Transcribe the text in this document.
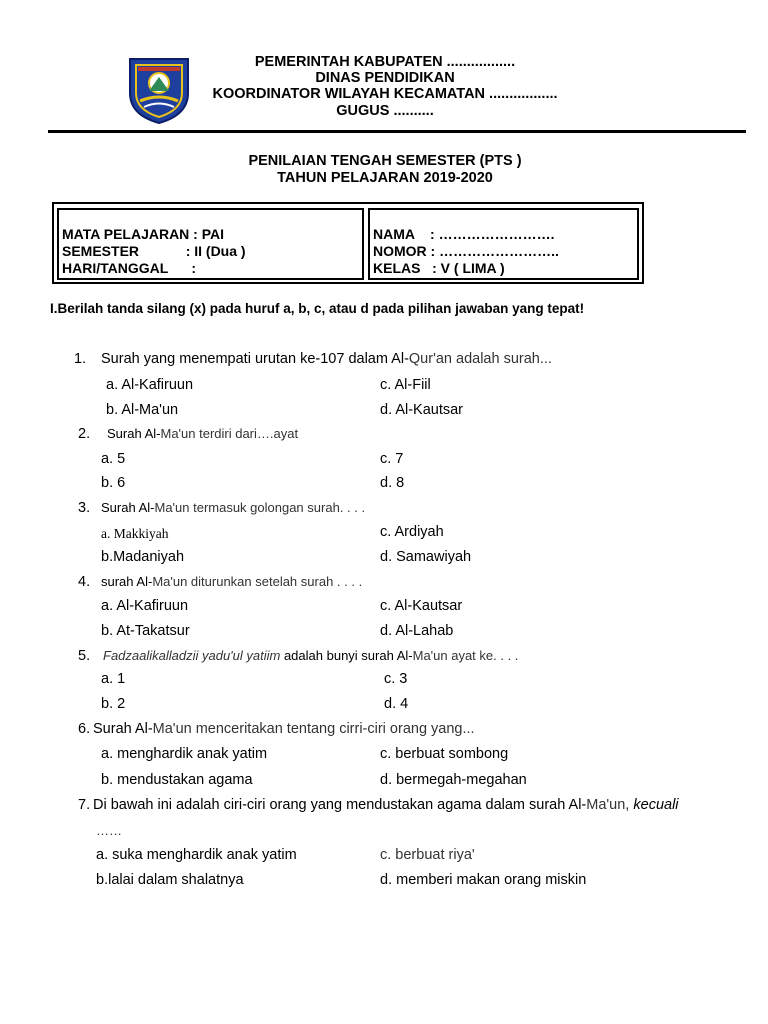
PEMERINTAH KABUPATEN .................
DINAS PENDIDIKAN
KOORDINATOR WILAYAH KECAMATAN .................
GUGUS ..........
PENILAIAN TENGAH SEMESTER (PTS )
TAHUN PELAJARAN 2019-2020
MATA PELAJARAN : PAI
SEMESTER            : II (Dua )
HARI/TANGGAL      :
NAMA    : …………………….
NOMOR : ……………………..
KELAS   : V ( LIMA )
I.Berilah tanda silang (x) pada huruf a, b, c, atau d pada pilihan jawaban yang tepat!
1. Surah yang menempati urutan ke-107 dalam Al-Qur'an adalah surah...
a. Al-Kafiruun	c. Al-Fiil
b. Al-Ma'un	d. Al-Kautsar
2. Surah Al-Ma'un terdiri dari….ayat
a. 5	c. 7
b. 6	d. 8
3. Surah Al-Ma'un termasuk golongan surah. . . .
a. Makkiyah	c. Ardiyah
b.Madaniyah	d. Samawiyah
4. surah Al-Ma'un diturunkan setelah surah . . . .
a. Al-Kafiruun	c. Al-Kautsar
b. At-Takatsur	d. Al-Lahab
5. Fadzaalikalladzii yadu'ul yatiim adalah bunyi surah Al-Ma'un ayat ke. . . .
a. 1	c. 3
b. 2	d. 4
6. Surah Al-Ma'un menceritakan tentang cirri-ciri orang yang...
a. menghardik anak yatim	c. berbuat sombong
b. mendustakan agama	d. bermegah-megahan
7. Di bawah ini adalah ciri-ciri orang yang mendustakan agama dalam surah Al-Ma'un, kecuali
……
a. suka menghardik anak yatim	c. berbuat riya'
b.lalai dalam shalatnya	d. memberi makan orang miskin
